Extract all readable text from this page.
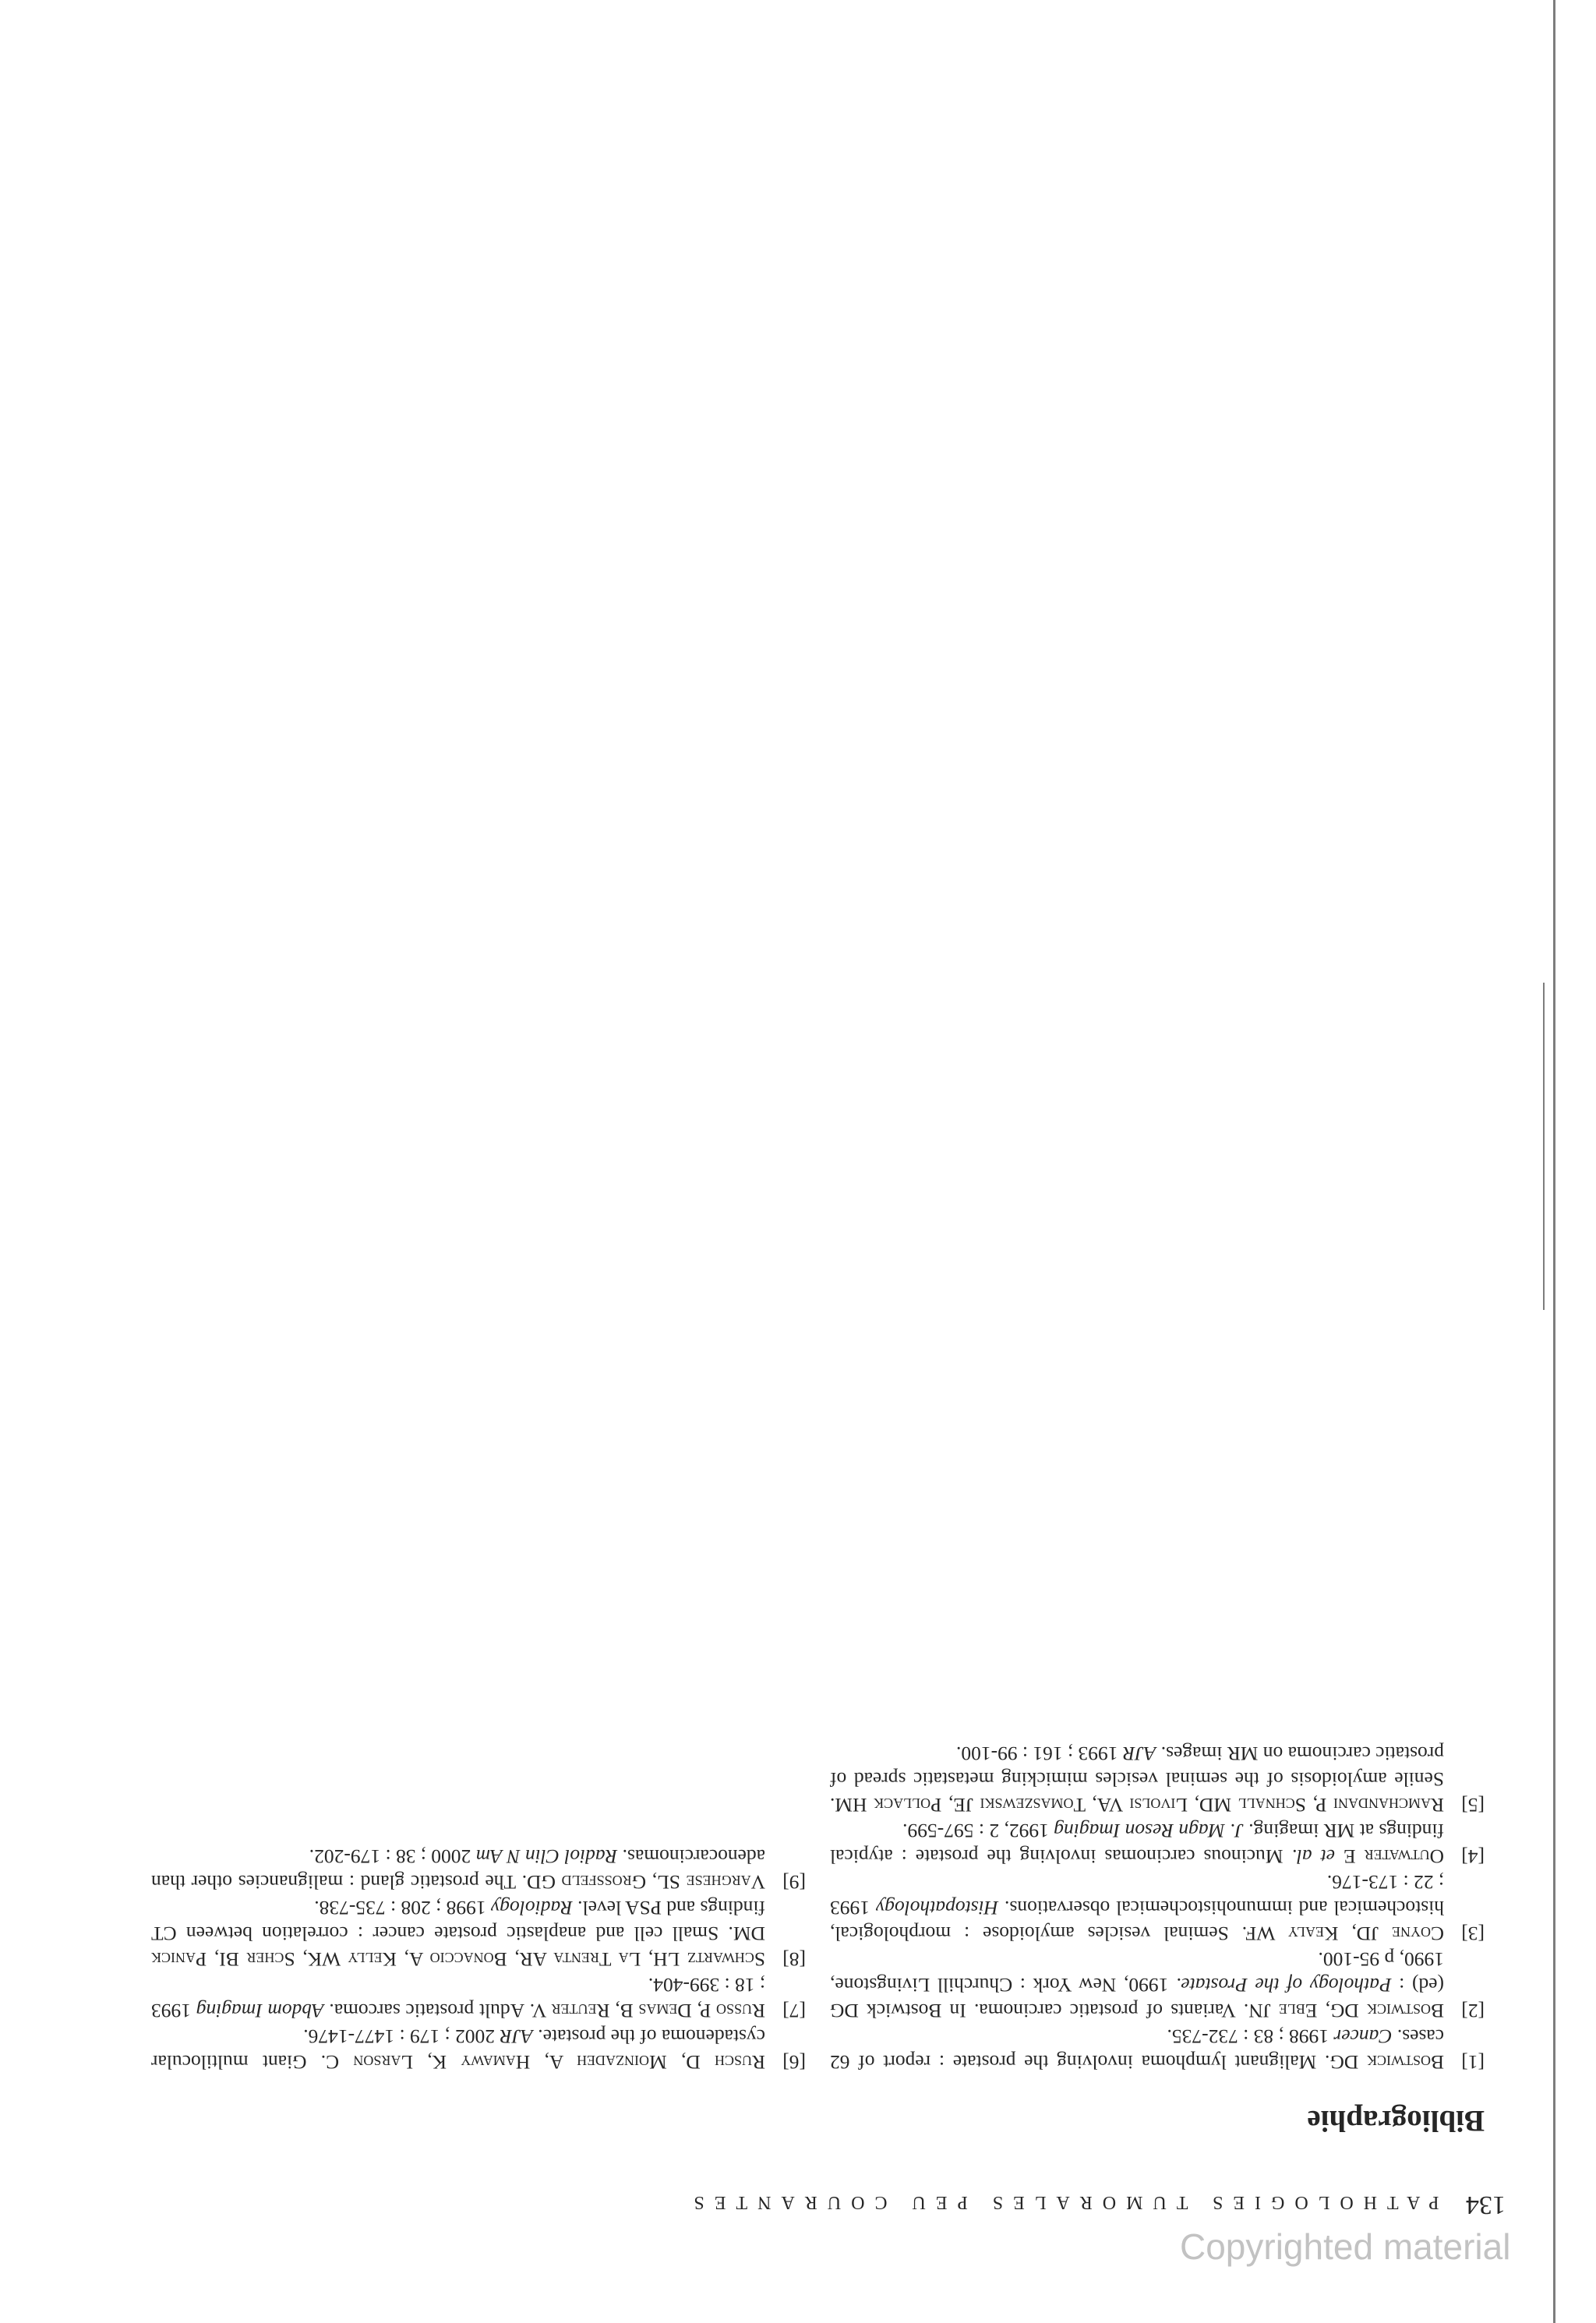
134 PATHOLOGIES TUMORALES PEU COURANTES
Bibliographie
[1]
Bostwick DG. Malignant lymphoma involving the prostate : report of 62 cases. Cancer 1998 ; 83 : 732-735.
[2]
Bostwick DG, Eble JN. Variants of prostatic carcinoma. In Bostwick DG (ed) : Pathology of the Prostate. 1990, New York : Churchill Livingstone, 1990, p 95-100.
[3]
Coyne JD, Kealy WF. Seminal vesicles amyloidose : morphological, histochemical and immunohistochemical observations. Histopathology 1993 ; 22 : 173-176.
[4]
Outwater E et al. Mucinous carcinomas involving the prostate : atypical findings at MR imaging. J. Magn Reson Imaging 1992, 2 : 597-599.
[5]
Ramchandani P, Schnall MD, Livolsi VA, Tomaszewski JE, Pollack HM. Senile amyloidosis of the seminal vesicles mimicking metastatic spread of prostatic carcinoma on MR images. AJR 1993 ; 161 : 99-100.
[6]
Rusch D, Moinzadeh A, Hamawy K, Larson C. Giant multilocular cystadenoma of the prostate. AJR 2002 ; 179 : 1477-1476.
[7]
Russo P, Demas B, Reuter V. Adult prostatic sarcoma. Abdom Imaging 1993 ; 18 : 399-404.
[8]
Schwartz LH, La Trenta AR, Bonaccio A, Kelly WK, Scher BI, Panick DM. Small cell and anaplastic prostate cancer : correlation between CT findings and PSA level. Radiology 1998 ; 208 : 735-738.
[9]
Varghese SL, Grossfeld GD. The prostatic gland : malignancies other than adenocarcinomas. Radiol Clin N Am 2000 ; 38 : 179-202.
Copyrighted material
